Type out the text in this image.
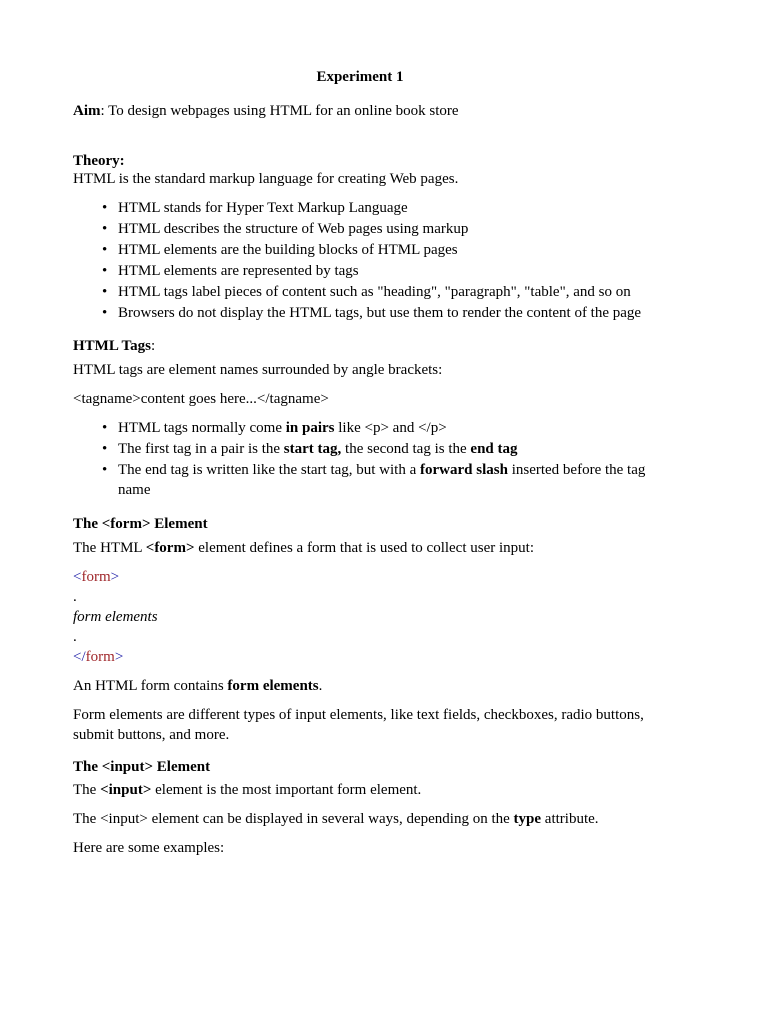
Experiment 1
Aim: To design webpages using HTML for an online book store
Theory:
HTML is the standard markup language for creating Web pages.
• HTML stands for Hyper Text Markup Language
• HTML describes the structure of Web pages using markup
• HTML elements are the building blocks of HTML pages
• HTML elements are represented by tags
• HTML tags label pieces of content such as "heading", "paragraph", "table", and so on
• Browsers do not display the HTML tags, but use them to render the content of the page
HTML Tags:
HTML tags are element names surrounded by angle brackets:
<tagname>content goes here...</tagname>
• HTML tags normally come in pairs like <p> and </p>
• The first tag in a pair is the start tag, the second tag is the end tag
• The end tag is written like the start tag, but with a forward slash inserted before the tag name
The <form> Element
The HTML <form> element defines a form that is used to collect user input:
<form>
.
form elements
.
</form>
An HTML form contains form elements.
Form elements are different types of input elements, like text fields, checkboxes, radio buttons,
submit buttons, and more.
The <input> Element
The <input> element is the most important form element.
The <input> element can be displayed in several ways, depending on the type attribute.
Here are some examples:
